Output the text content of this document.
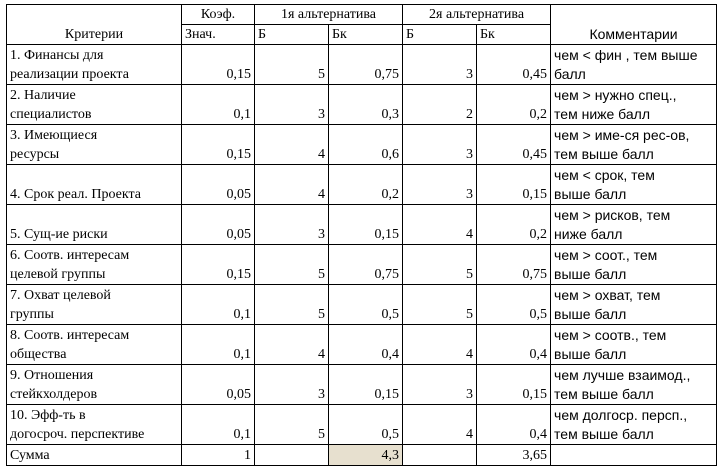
Критерии	Коэф.	1я альтернатива		2я альтернатива		Комментарии
	Знач.	Б	Бк	Б	Бк	
1. Финансы для
реализации проекта	0,15	5	0,75	3	0,45	чем < фин , тем выше
балл
2. Наличие
специалистов	0,1	3	0,3	2	0,2	чем > нужно спец.,
тем ниже балл
3. Имеющиеся
ресурсы	0,15	4	0,6	3	0,45	чем > име-ся рес-ов,
тем выше балл

4. Срок реал. Проекта	0,05	4	0,2	3	0,15	чем < срок, тем
выше балл

5. Сущ-ие риски	0,05	3	0,15	4	0,2	чем > рисков, тем
ниже балл
6. Соотв. интересам
целевой группы	0,15	5	0,75	5	0,75	чем > соот., тем
выше балл
7. Охват целевой
группы	0,1	5	0,5	5	0,5	чем > охват, тем
выше балл
8. Соотв. интересам
общества	0,1	4	0,4	4	0,4	чем > соотв., тем
выше балл
9. Отношения
стейкхолдеров	0,05	3	0,15	3	0,15	чем лучше взаимод.,
тем выше балл
10. Эфф-ть в
догосроч. перспективе	0,1	5	0,5	4	0,4	чем долгоср. персп.,
тем выше балл
Сумма	1		4,3		3,65	
